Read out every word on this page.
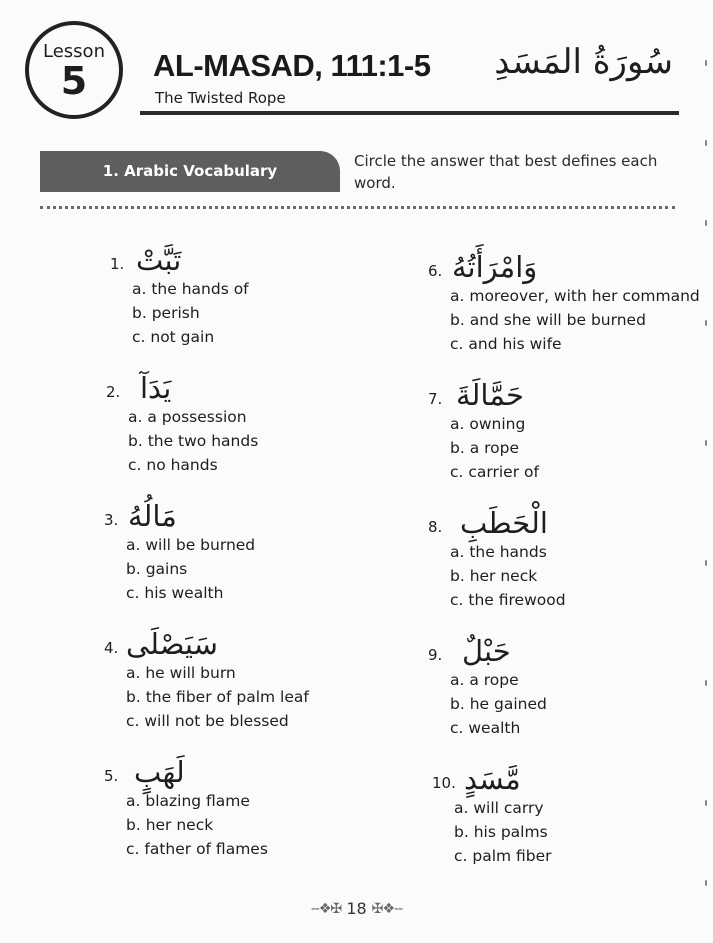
Lesson
5	AL-MASAD, 111:1-5
The Twisted Rope
سُورَةُ المَسَدِ
1. Arabic Vocabulary
Circle the answer that best defines each word.
1. تَبَّتْ
a. the hands of
b. perish
c. not gain
2. يَدَآ
a. a possession
b. the two hands
c. no hands
3. مَالُهُ
a. will be burned
b. gains
c. his wealth
4. سَيَصْلَى
a. he will burn
b. the fiber of palm leaf
c. will not be blessed
5. لَهَبٍ
a. blazing flame
b. her neck
c. father of flames
6. وَامْرَأَتُهُ
a. moreover, with her command
b. and she will be burned
c. and his wife
7. حَمَّالَةَ
a. owning
b. a rope
c. carrier of
8. الْحَطَبِ
a. the hands
b. her neck
c. the firewood
9. حَبْلٌ
a. a rope
b. he gained
c. wealth
10. مَّسَدٍ
a. will carry
b. his palms
c. palm fiber
--❖✠ 18 ✠❖--
